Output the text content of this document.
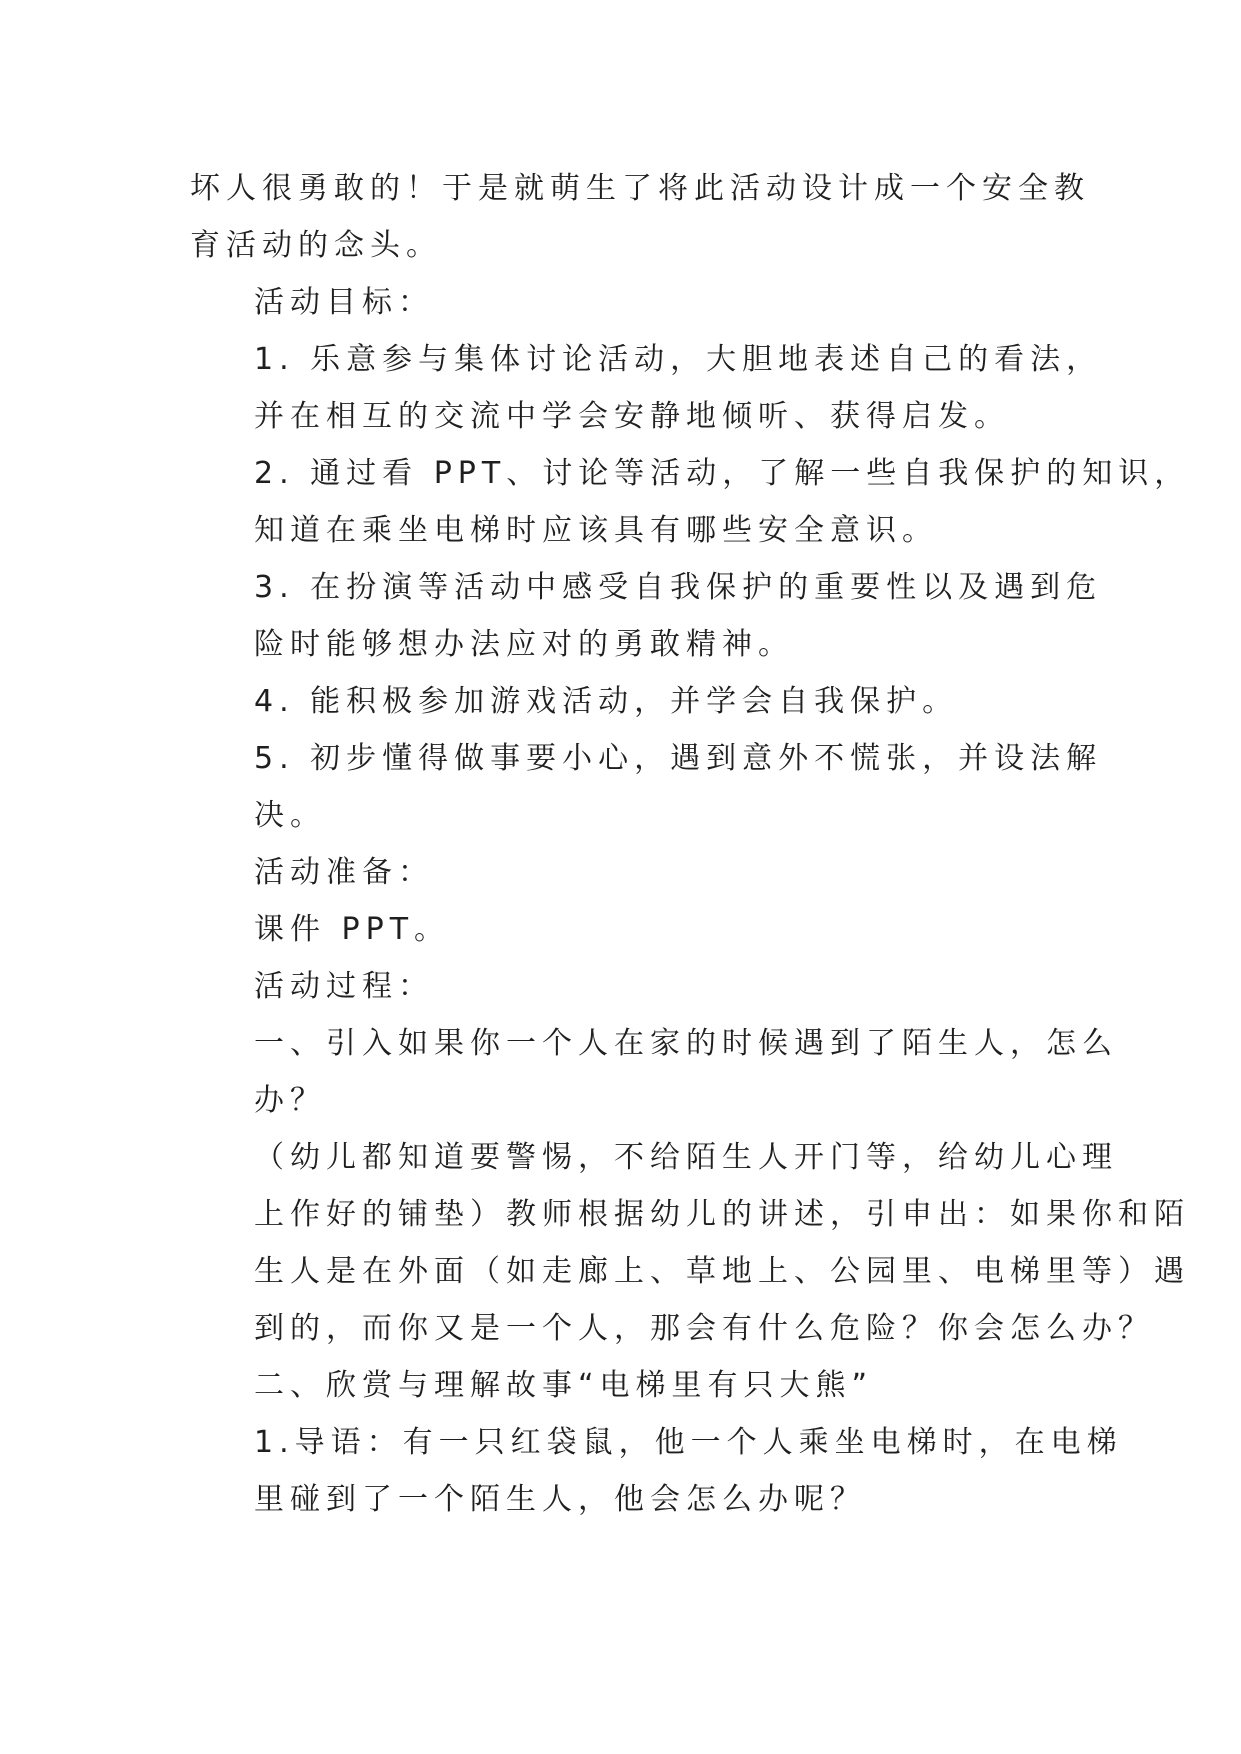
坏人很勇敢的！于是就萌生了将此活动设计成一个安全教
育活动的念头。

活动目标：

1. 乐意参与集体讨论活动，大胆地表述自己的看法，
并在相互的交流中学会安静地倾听、获得启发。

2. 通过看 PPT、讨论等活动，了解一些自我保护的知识，
知道在乘坐电梯时应该具有哪些安全意识。

3. 在扮演等活动中感受自我保护的重要性以及遇到危
险时能够想办法应对的勇敢精神。

4. 能积极参加游戏活动，并学会自我保护。

5. 初步懂得做事要小心，遇到意外不慌张，并设法解
决。

活动准备：

课件 PPT。

活动过程：

一、引入如果你一个人在家的时候遇到了陌生人，怎么
办？

（幼儿都知道要警惕，不给陌生人开门等，给幼儿心理
上作好的铺垫）教师根据幼儿的讲述，引申出：如果你和陌
生人是在外面（如走廊上、草地上、公园里、电梯里等）遇
到的，而你又是一个人，那会有什么危险？你会怎么办？

二、欣赏与理解故事“电梯里有只大熊”

1.导语：有一只红袋鼠，他一个人乘坐电梯时，在电梯
里碰到了一个陌生人，他会怎么办呢？
